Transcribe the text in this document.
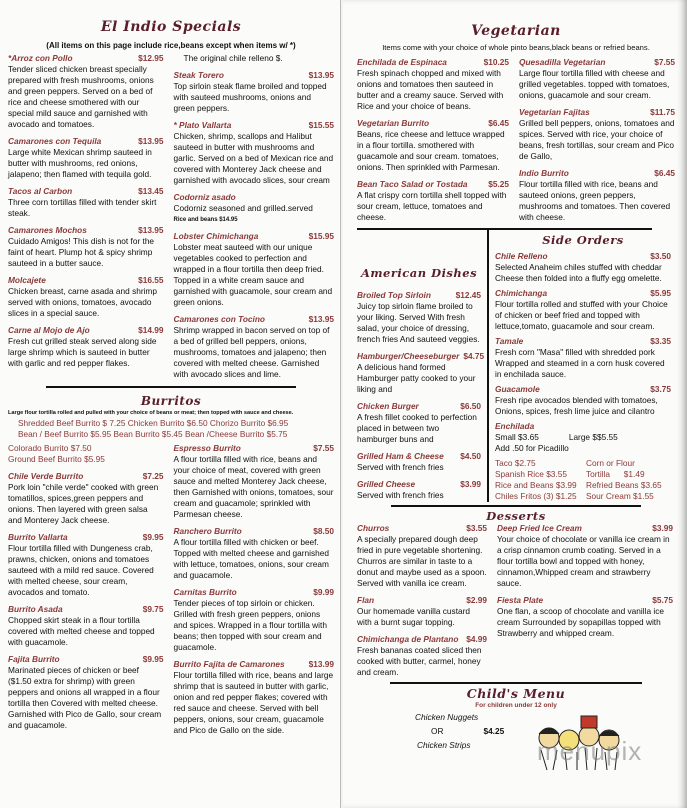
El Indio Specials
(All items on this page include rice,beans except when items w/ *)
*Arroz con Pollo	$12.95
Tender sliced chicken breast specially prepared with fresh mushrooms, onions and green peppers. Served on a bed of rice and cheese smothered with our special mild sauce and garnished with avocado and tomatoes.
Camarones con Tequila	$13.95
Large white Mexican shrimp sauteed in butter with mushrooms, red onions, jalapeno; then flamed with tequila gold.
Tacos al Carbon	$13.45
Three corn tortillas filled with tender skirt steak.
Camarones Mochos	$13.95
Cuidado Amigos! This dish is not for the faint of heart. Plump hot & spicy shrimp sauteed in a butter sauce.
Molcajete	$16.55
Chicken breast, carne asada and shrimp served with onions, tomatoes, avocado slices in a special sauce.
Carne al Mojo de Ajo	$14.99
Fresh cut grilled steak served along side large shrimp which is sauteed in butter with garlic and red pepper flakes.
The original chile relleno $.
Steak Torero	$13.95
Top sirloin steak flame broiled and topped with sauteed mushrooms, onions and green peppers.
* Plato Vallarta	$15.55
Chicken, shrimp, scallops and Halibut sauteed in butter with mushrooms and garlic. Served on a bed of Mexican rice and covered with Monterey Jack cheese and garnished with avocado slices, sour cream
Codorniz asado
Codorniz seasoned and grilled.served
Rice and beans $14.95
Lobster Chimichanga	$15.95
Lobster meat sauteed with our unique vegetables cooked to perfection and wrapped in a flour tortilla then deep fried. Topped in a white cream sauce and garnished with guacamole, sour cream and green onions.
Camarones con Tocino	$13.95
Shrimp wrapped in bacon served on top of a bed of grilled bell peppers, onions, mushrooms, tomatoes and jalapeno; then covered with melted cheese. Garnished with avocado slices and lime.
Burritos
Large flour tortilla rolled and pulled with your choice of beans or meat; then topped with sauce and cheese.
Shredded Beef Burrito $ 7.25 Chicken Burrito $6.50 Chorizo Burrito $6.95
Bean / Beef Burrito $5.95 Bean Burrito $5.45 Bean /Cheese Burrito $5.75
Colorado Burrito $7.50
Ground Beef Burrito $5.95
Chile Verde Burrito	$7.25
Pork loin "chile verde" cooked with green tomatillos, spices,green peppers and onions. Then layered with green salsa and Monterey Jack cheese.
Burrito Vallarta	$9.95
Flour tortilla filled with Dungeness crab, prawns, chicken, onions and tomatoes sauteed with a mild red sauce. Covered with melted cheese, sour cream, avocados and tomato.
Burrito Asada	$9.75
Chopped skirt steak in a flour tortilla covered with melted cheese and topped with guacamole.
Fajita Burrito	$9.95
Marinated pieces of chicken or beef ($1.50 extra for shrimp) with green peppers and onions all wrapped in a flour tortilla then Covered with melted cheese. Garnished with Pico de Gallo, sour cream and guacamole.
Espresso Burrito	$7.55
A flour tortilla filled with rice, beans and your choice of meat, covered with green sauce and melted Monterey Jack cheese, then Garnished with onions, tomatoes, sour cream and guacamole; sprinkled with Parmesan cheese.
Ranchero Burrito	$8.50
A flour tortilla filled with chicken or beef. Topped with melted cheese and garnished with lettuce, tomatoes, onions, sour cream and guacamole.
Carnitas Burrito	$9.99
Tender pieces of top sirloin or chicken. Grilled with fresh green peppers, onions and spices. Wrapped in a flour tortilla with beans; then topped with sour cream and guacamole.
Burrito Fajita de Camarones	$13.99
Flour tortilla filled with rice, beans and large shrimp that is sauteed in butter with garlic, onion and red pepper flakes; covered with red sauce and cheese. Served with bell peppers, onions, sour cream, guacamole and Pico de Gallo on the side.
Vegetarian
Items come with your choice of whole pinto beans,black beans or refried beans.
Enchilada de Espinaca	$10.25
Fresh spinach chopped and mixed with onions and tomatoes then sauteed in butter and a creamy sauce. Served with Rice and your choice of beans.
Vegetarian Burrito	$6.45
Beans, rice cheese and lettuce wrapped in a flour tortilla. smothered with guacamole and sour cream. tomatoes, onions. Then sprinkled with Parmesan.
Bean Taco Salad or Tostada $5.25
A flat crispy corn tortilla shell topped with sour cream, lettuce, tomatoes and cheese.
Quesadilla Vegetarian	$7.55
Large flour tortilla filled with cheese and grilled vegetables. topped with tomatoes, onions, guacamole and sour cream.
Vegetarian Fajitas	$11.75
Grilled bell peppers, onions, tomatoes and spices. Served with rice, your choice of beans, fresh tortillas, sour cream and Pico de Gallo,
Indio Burrito	$6.45
Flour tortilla filled with rice, beans and sauteed onions, green peppers, mushrooms and tomatoes. Then covered with cheese.
American Dishes
Broiled Top Sirloin	$12.45
Juicy top sirloin flame broiled to your liking. Served With fresh salad, your choice of dressing, french fries And sauteed veggies.
Hamburger/Cheeseburger $4.75
A delicious hand formed Hamburger patty cooked to your liking and
Chicken Burger	$6.50
A fresh fillet cooked to perfection placed in between two hamburger buns and
Grilled Ham & Cheese $4.50
Served with french fries
Grilled Cheese	$3.99
Served with french fries
Side Orders
Chile Relleno	$3.50
Selected Anaheim chiles stuffed with cheddar Cheese then folded into a fluffy egg omelette.
Chimichanga	$5.95
Flour tortilla rolled and stuffed with your Choice of chicken or beef fried and topped with lettuce,tomato, guacamole and sour cream.
Tamale	$3.35
Fresh corn "Masa" filled with shredded pork Wrapped and steamed in a corn husk covered in enchilada sauce.
Guacamole	$3.75
Fresh ripe avocados blended with tomatoes, Onions, spices, fresh lime juice and cilantro
Enchilada
Small $3.65	Large $$5.55
Add .50 for Picadillo
Taco $2.75	Corn or Flour
Spanish Rice $3.55	Tortilla      $1.49
Rice and Beans $3.99	Refried Beans $3.65
Chiles Fritos (3) $1.25	Sour Cream $1.55
Desserts
Churros	$3.55
A specially prepared dough deep fried in pure vegetable shortening. Churros are similar in taste to a donut and maybe used as a spoon. Served with vanilla ice cream.
Flan	$2.99
Our homemade vanilla custard with a burnt sugar topping.
Chimichanga de Plantano $4.99
Fresh bananas coated sliced then cooked with butter, carmel, honey and cream.
Deep Fried Ice Cream	$3.99
Your choice of chocolate or vanilla ice cream in a crisp cinnamon crumb coating. Served in a flour tortilla bowl and topped with honey, cinnamon,Whipped cream and strawberry sauce.
Fiesta Plate	$5.75
One flan, a scoop of chocolate and vanilla ice cream Surrounded by sopapillas topped with Strawberry and whipped cream.
Child's Menu
For children under 12 only
Chicken Nuggets
OR	$4.25
Chicken Strips	menupix
